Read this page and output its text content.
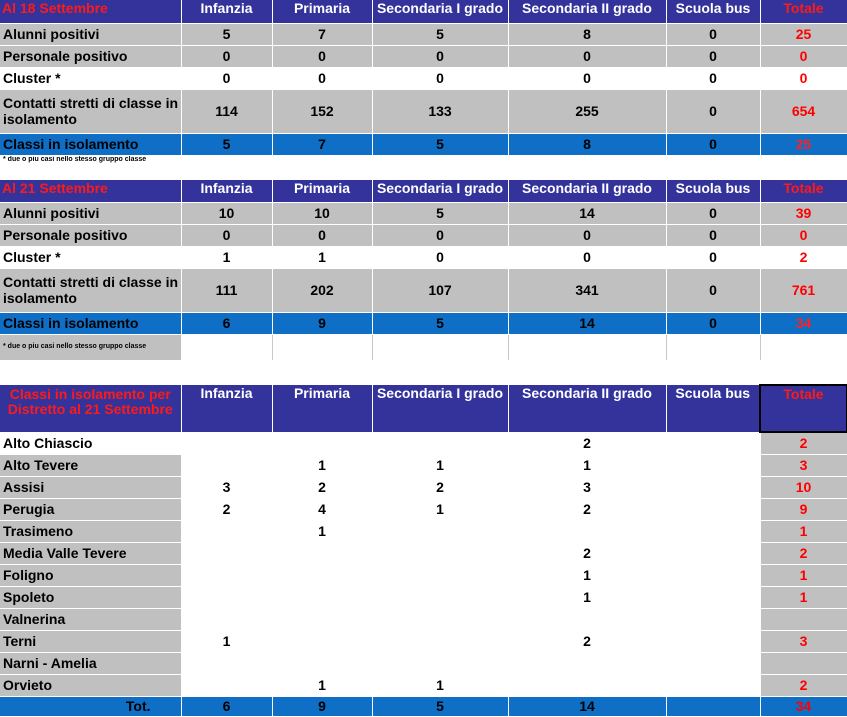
Al 18 Settembre	Infanzia	Primaria	Secondaria I grado	Secondaria II grado	Scuola bus	Totale
Alunni positivi	5	7	5	8	0	25
Personale positivo	0	0	0	0	0	0
Cluster *	0	0	0	0	0	0
Contatti stretti di classe in isolamento	114	152	133	255	0	654
Classi in isolamento	5	7	5	8	0	25
* due o piu casi nello stesso gruppo classe						
Al 21 Settembre	Infanzia	Primaria	Secondaria I grado	Secondaria II grado	Scuola bus	Totale
Alunni positivi	10	10	5	14	0	39
Personale positivo	0	0	0	0	0	0
Cluster *	1	1	0	0	0	2
Contatti stretti di classe in isolamento	111	202	107	341	0	761
Classi in isolamento	6	9	5	14	0	34
* due o piu casi nello stesso gruppo classe						

Classi in isolamento per Distretto al 21 Settembre	Infanzia	Primaria	Secondaria I grado	Secondaria II grado	Scuola bus	Totale
Alto Chiascio				2		2
Alto Tevere		1	1	1		3
Assisi	3	2	2	3		10
Perugia	2	4	1	2		9
Trasimeno		1				1
Media Valle Tevere				2		2
Foligno				1		1
Spoleto				1		1
Valnerina						
Terni	1			2		3
Narni - Amelia						
Orvieto		1	1			2
Tot.	6	9	5	14		34
